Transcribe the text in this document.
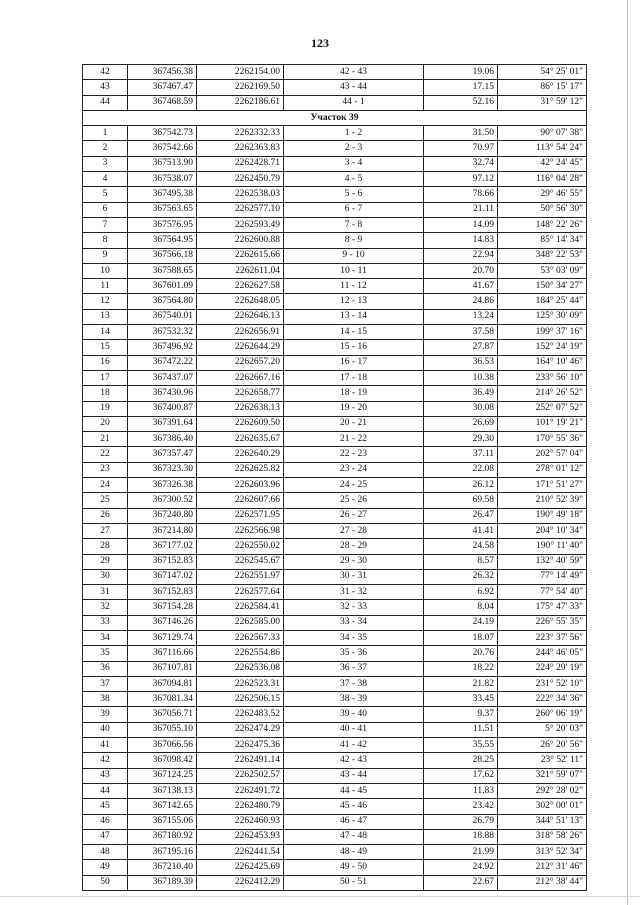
123
42	367456.38	2262154.00	42 - 43	19.06	54° 25' 01"
43	367467.47	2262169.50	43 - 44	17.15	86° 15' 17"
44	367468.59	2262186.61	44 - 1	52.16	31° 59' 12"
Участок 39					
1	367542.73	2262332.33	1 - 2	31.50	90° 07' 38"
2	367542.66	2262363.83	2 - 3	70.97	113° 54' 24"
3	367513.90	2262428.71	3 - 4	32.74	42° 24' 45"
4	367538.07	2262450.79	4 - 5	97.12	116° 04' 28"
5	367495.38	2262538.03	5 - 6	78.66	29° 46' 55"
6	367563.65	2262577.10	6 - 7	21.11	50° 56' 30"
7	367576.95	2262593.49	7 - 8	14.09	148° 22' 26"
8	367564.95	2262600.88	8 - 9	14.83	85° 14' 34"
9	367566.18	2262615.66	9 - 10	22.94	348° 22' 53"
10	367588.65	2262611.04	10 - 11	20.70	53° 03' 09"
11	367601.09	2262627.58	11 - 12	41.67	150° 34' 27"
12	367564.80	2262648.05	12 - 13	24.86	184° 25' 44"
13	367540.01	2262646.13	13 - 14	13.24	125° 30' 09"
14	367532.32	2262656.91	14 - 15	37.58	199° 37' 16"
15	367496.92	2262644.29	15 - 16	27.87	152° 24' 19"
16	367472.22	2262657.20	16 - 17	36.53	164° 10' 46"
17	367437.07	2262667.16	17 - 18	10.38	233° 56' 10"
18	367430.96	2262658.77	18 - 19	36.49	214° 26' 52"
19	367400.87	2262638.13	19 - 20	30.08	252° 07' 52"
20	367391.64	2262609.50	20 - 21	26.69	101° 19' 21"
21	367386.40	2262635.67	21 - 22	29.30	170° 55' 36"
22	367357.47	2262640.29	22 - 23	37.11	202° 57' 04"
23	367323.30	2262625.82	23 - 24	22.08	278° 01' 12"
24	367326.38	2262603.96	24 - 25	26.12	171° 51' 27"
25	367300.52	2262607.66	25 - 26	69.58	210° 52' 39"
26	367240.80	2262571.95	26 - 27	26.47	190° 49' 18"
27	367214.80	2262566.98	27 - 28	41.41	204° 10' 34"
28	367177.02	2262550.02	28 - 29	24.58	190° 11' 40"
29	367152.83	2262545.67	29 - 30	8.57	132° 40' 59"
30	367147.02	2262551.97	30 - 31	26.32	77° 14' 49"
31	367152.83	2262577.64	31 - 32	6.92	77° 54' 40"
32	367154.28	2262584.41	32 - 33	8.04	175° 47' 33"
33	367146.26	2262585.00	33 - 34	24.19	226° 55' 35"
34	367129.74	2262567.33	34 - 35	18.07	223° 37' 56"
35	367116.66	2262554.86	35 - 36	20.76	244° 46' 05"
36	367107.81	2262536.08	36 - 37	18.22	224° 29' 19"
37	367094.81	2262523.31	37 - 38	21.82	231° 52' 10"
38	367081.34	2262506.15	38 - 39	33.45	222° 34' 36"
39	367056.71	2262483.52	39 - 40	9.37	260° 06' 19"
40	367055.10	2262474.29	40 - 41	11.51	5° 20' 03"
41	367066.56	2262475.36	41 - 42	35.55	26° 20' 56"
42	367098.42	2262491.14	42 - 43	28.25	23° 52' 11"
43	367124.25	2262502.57	43 - 44	17.62	321° 59' 07"
44	367138.13	2262491.72	44 - 45	11.83	292° 28' 02"
45	367142.65	2262480.79	45 - 46	23.42	302° 00' 01"
46	367155.06	2262460.93	46 - 47	26.79	344° 51' 13"
47	367180.92	2262453.93	47 - 48	18.88	318° 58' 26"
48	367195.16	2262441.54	48 - 49	21.99	313° 52' 34"
49	367210.40	2262425.69	49 - 50	24.92	212° 31' 46"
50	367189.39	2262412.29	50 - 51	22.67	212° 38' 44"
